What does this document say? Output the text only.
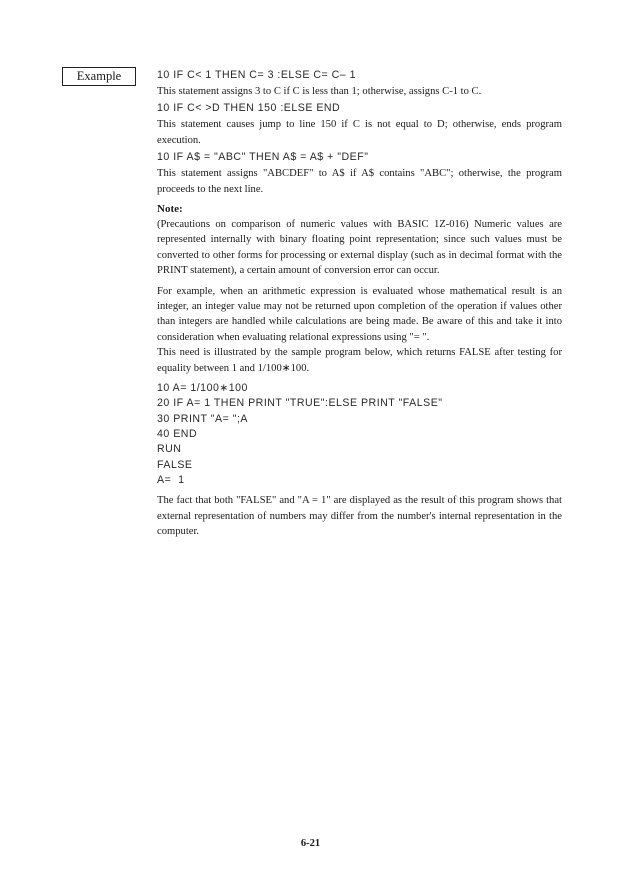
Example	10 IF C< 1 THEN C= 3 :ELSE C= C– 1
This statement assigns 3 to C if C is less than 1; otherwise, assigns C-1 to C.
10 IF C< >D THEN 150 :ELSE END
This statement causes jump to line 150 if C is not equal to D; otherwise, ends program execution.
10 IF A$ = "ABC" THEN A$ = A$ + "DEF"
This statement assigns "ABCDEF" to A$ if A$ contains "ABC"; otherwise, the program proceeds to the next line.
Note:
(Precautions on comparison of numeric values with BASIC 1Z-016) Numeric values are represented internally with binary floating point representation; since such values must be converted to other forms for processing or external display (such as in decimal format with the PRINT statement), a certain amount of conversion error can occur.
For example, when an arithmetic expression is evaluated whose mathematical result is an integer, an integer value may not be returned upon completion of the operation if values other than integers are handled while calculations are being made. Be aware of this and take it into consideration when evaluating relational expressions using "= ".
This need is illustrated by the sample program below, which returns FALSE after testing for equality between 1 and 1/100∗100.
10 A= 1/100∗100
20 IF A= 1 THEN PRINT "TRUE":ELSE PRINT "FALSE"
30 PRINT "A= ";A
40 END
RUN
FALSE
A=  1
The fact that both "FALSE" and "A = 1" are displayed as the result of this program shows that external representation of numbers may differ from the number's internal representation in the computer.
6-21
